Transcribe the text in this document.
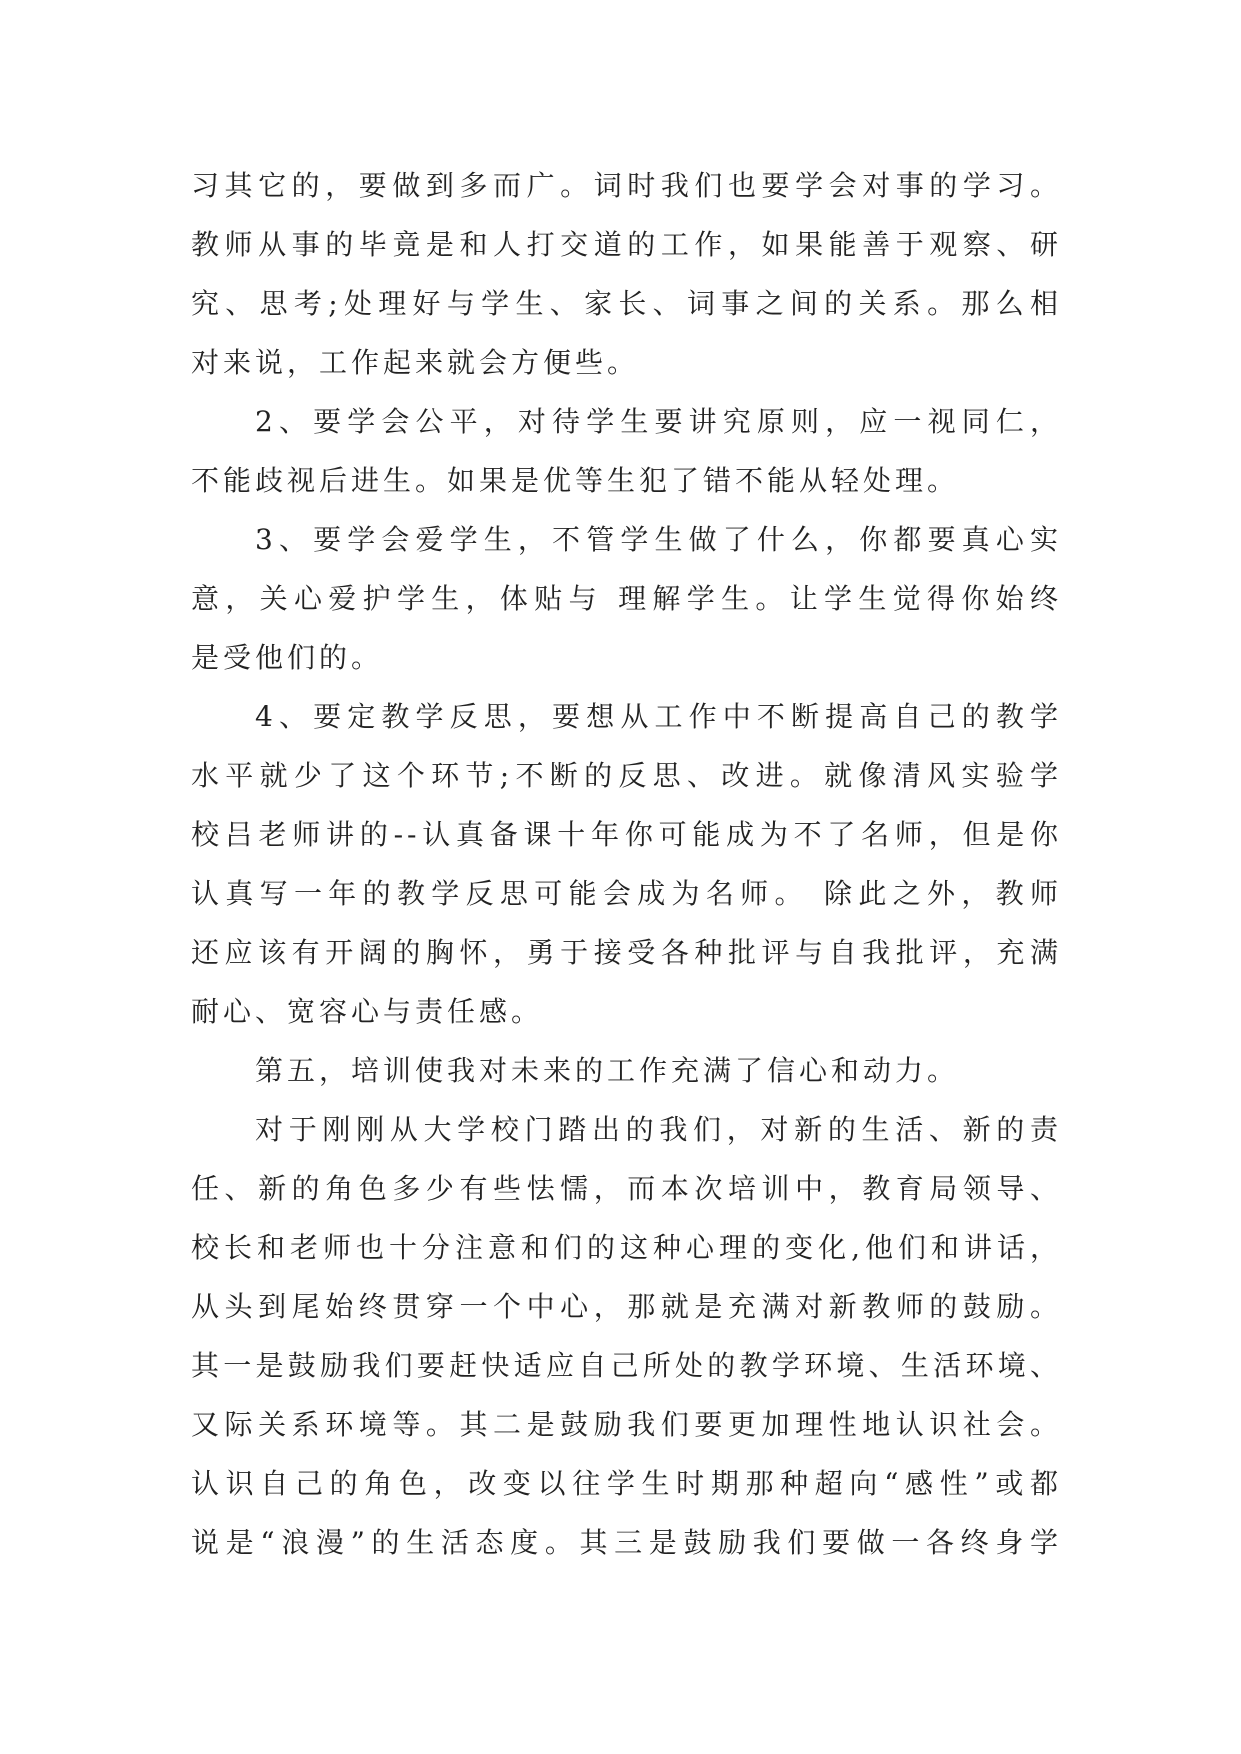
习其它的，要做到多而广。词时我们也要学会对事的学习。
教师从事的毕竟是和人打交道的工作，如果能善于观察、研
究、思考;处理好与学生、家长、词事之间的关系。那么相
对来说，工作起来就会方便些。
2、要学会公平，对待学生要讲究原则，应一视同仁，
不能歧视后进生。如果是优等生犯了错不能从轻处理。
3、要学会爱学生，不管学生做了什么，你都要真心实
意，关心爱护学生，体贴与 理解学生。让学生觉得你始终
是受他们的。
4、要定教学反思，要想从工作中不断提高自己的教学
水平就少了这个环节;不断的反思、改进。就像清风实验学
校吕老师讲的--认真备课十年你可能成为不了名师，但是你
认真写一年的教学反思可能会成为名师。 除此之外，教师
还应该有开阔的胸怀，勇于接受各种批评与自我批评，充满
耐心、宽容心与责任感。
第五，培训使我对未来的工作充满了信心和动力。
对于刚刚从大学校门踏出的我们，对新的生活、新的责
任、新的角色多少有些怯懦，而本次培训中，教育局领导、
校长和老师也十分注意和们的这种心理的变化,他们和讲话，
从头到尾始终贯穿一个中心，那就是充满对新教师的鼓励。
其一是鼓励我们要赶快适应自己所处的教学环境、生活环境、
又际关系环境等。其二是鼓励我们要更加理性地认识社会。
认识自己的角色，改变以往学生时期那种超向“感性”或都
说是“浪漫”的生活态度。其三是鼓励我们要做一各终身学
